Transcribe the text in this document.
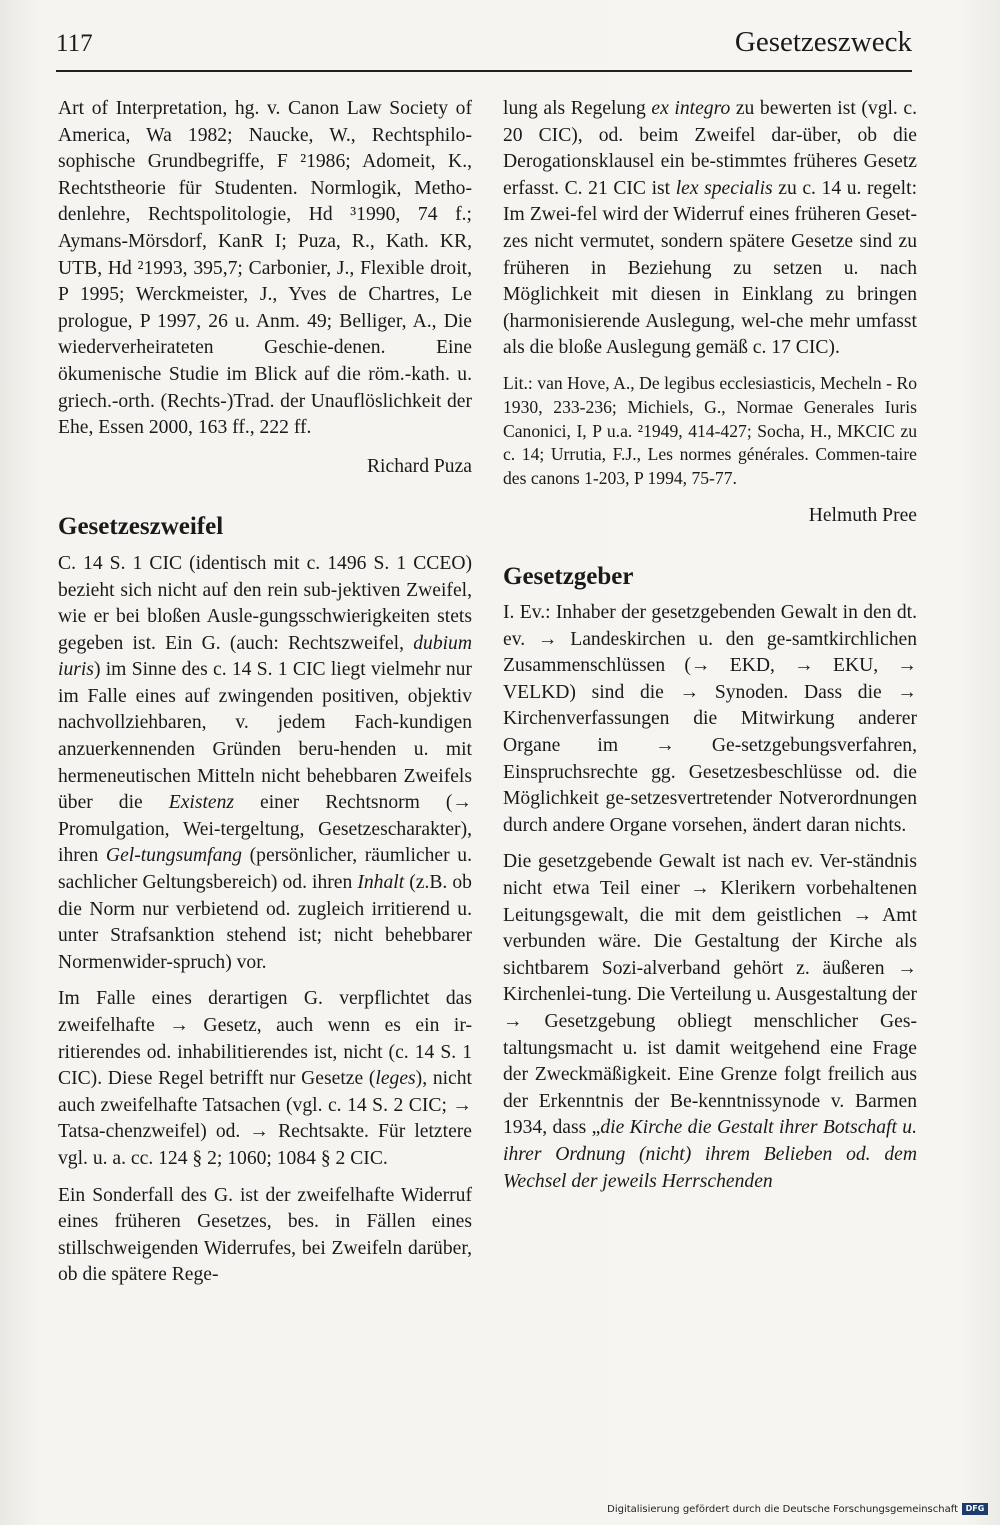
117	Gesetzeszweck

Art of Interpretation, hg. v. Canon Law Society of America, Wa 1982; Naucke, W., Rechtsphilo-sophische Grundbegriffe, F ²1986; Adomeit, K., Rechtstheorie für Studenten. Normlogik, Metho-denlehre, Rechtspolitologie, Hd ³1990, 74 f.; Aymans-Mörsdorf, KanR I; Puza, R., Kath. KR, UTB, Hd ²1993, 395,7; Carbonier, J., Flexible droit, P 1995; Werckmeister, J., Yves de Chartres, Le prologue, P 1997, 26 u. Anm. 49; Belliger, A., Die wiederverheirateten Geschie-denen. Eine ökumenische Studie im Blick auf die röm.-kath. u. griech.-orth. (Rechts-)Trad. der Unauflöslichkeit der Ehe, Essen 2000, 163 ff., 222 ff.

Richard Puza

Gesetzeszweifel

C. 14 S. 1 CIC (identisch mit c. 1496 S. 1 CCEO) bezieht sich nicht auf den rein sub-jektiven Zweifel, wie er bei bloßen Ausle-gungsschwierigkeiten stets gegeben ist. Ein G. (auch: Rechtszweifel, dubium iuris) im Sinne des c. 14 S. 1 CIC liegt vielmehr nur im Falle eines auf zwingenden positiven, objektiv nachvollziehbaren, v. jedem Fach-kundigen anzuerkennenden Gründen beru-henden u. mit hermeneutischen Mitteln nicht behebbaren Zweifels über die Existenz einer Rechtsnorm (→ Promulgation, Wei-tergeltung, Gesetzescharakter), ihren Gel-tungsumfang (persönlicher, räumlicher u. sachlicher Geltungsbereich) od. ihren Inhalt (z.B. ob die Norm nur verbietend od. zugleich irritierend u. unter Strafsanktion stehend ist; nicht behebbarer Normenwider-spruch) vor.

Im Falle eines derartigen G. verpflichtet das zweifelhafte → Gesetz, auch wenn es ein ir-ritierendes od. inhabilitierendes ist, nicht (c. 14 S. 1 CIC). Diese Regel betrifft nur Gesetze (leges), nicht auch zweifelhafte Tatsachen (vgl. c. 14 S. 2 CIC; → Tatsa-chenzweifel) od. → Rechtsakte. Für letztere vgl. u. a. cc. 124 § 2; 1060; 1084 § 2 CIC.

Ein Sonderfall des G. ist der zweifelhafte Widerruf eines früheren Gesetzes, bes. in Fällen eines stillschweigenden Widerrufes, bei Zweifeln darüber, ob die spätere Rege-

lung als Regelung ex integro zu bewerten ist (vgl. c. 20 CIC), od. beim Zweifel dar-über, ob die Derogationsklausel ein be-stimmtes früheres Gesetz erfasst. C. 21 CIC ist lex specialis zu c. 14 u. regelt: Im Zwei-fel wird der Widerruf eines früheren Geset-zes nicht vermutet, sondern spätere Gesetze sind zu früheren in Beziehung zu setzen u. nach Möglichkeit mit diesen in Einklang zu bringen (harmonisierende Auslegung, wel-che mehr umfasst als die bloße Auslegung gemäß c. 17 CIC).

Lit.: van Hove, A., De legibus ecclesiasticis, Mecheln - Ro 1930, 233-236; Michiels, G., Normae Generales Iuris Canonici, I, P u.a. ²1949, 414-427; Socha, H., MKCIC zu c. 14; Urrutia, F.J., Les normes générales. Commen-taire des canons 1-203, P 1994, 75-77.

Helmuth Pree

Gesetzgeber

I. Ev.: Inhaber der gesetzgebenden Gewalt in den dt. ev. → Landeskirchen u. den ge-samtkirchlichen Zusammenschlüssen (→ EKD, → EKU, → VELKD) sind die → Synoden. Dass die → Kirchenverfassungen die Mitwirkung anderer Organe im → Ge-setzgebungsverfahren, Einspruchsrechte gg. Gesetzesbeschlüsse od. die Möglichkeit ge-setzesvertretender Notverordnungen durch andere Organe vorsehen, ändert daran nichts.

Die gesetzgebende Gewalt ist nach ev. Ver-ständnis nicht etwa Teil einer → Klerikern vorbehaltenen Leitungsgewalt, die mit dem geistlichen → Amt verbunden wäre. Die Gestaltung der Kirche als sichtbarem Sozi-alverband gehört z. äußeren → Kirchenlei-tung. Die Verteilung u. Ausgestaltung der → Gesetzgebung obliegt menschlicher Ges-taltungsmacht u. ist damit weitgehend eine Frage der Zweckmäßigkeit. Eine Grenze folgt freilich aus der Erkenntnis der Be-kenntnissynode v. Barmen 1934, dass „die Kirche die Gestalt ihrer Botschaft u. ihrer Ordnung (nicht) ihrem Belieben od. dem Wechsel der jeweils Herrschenden

Digitalisierung gefördert durch die Deutsche Forschungsgemeinschaft DFG
